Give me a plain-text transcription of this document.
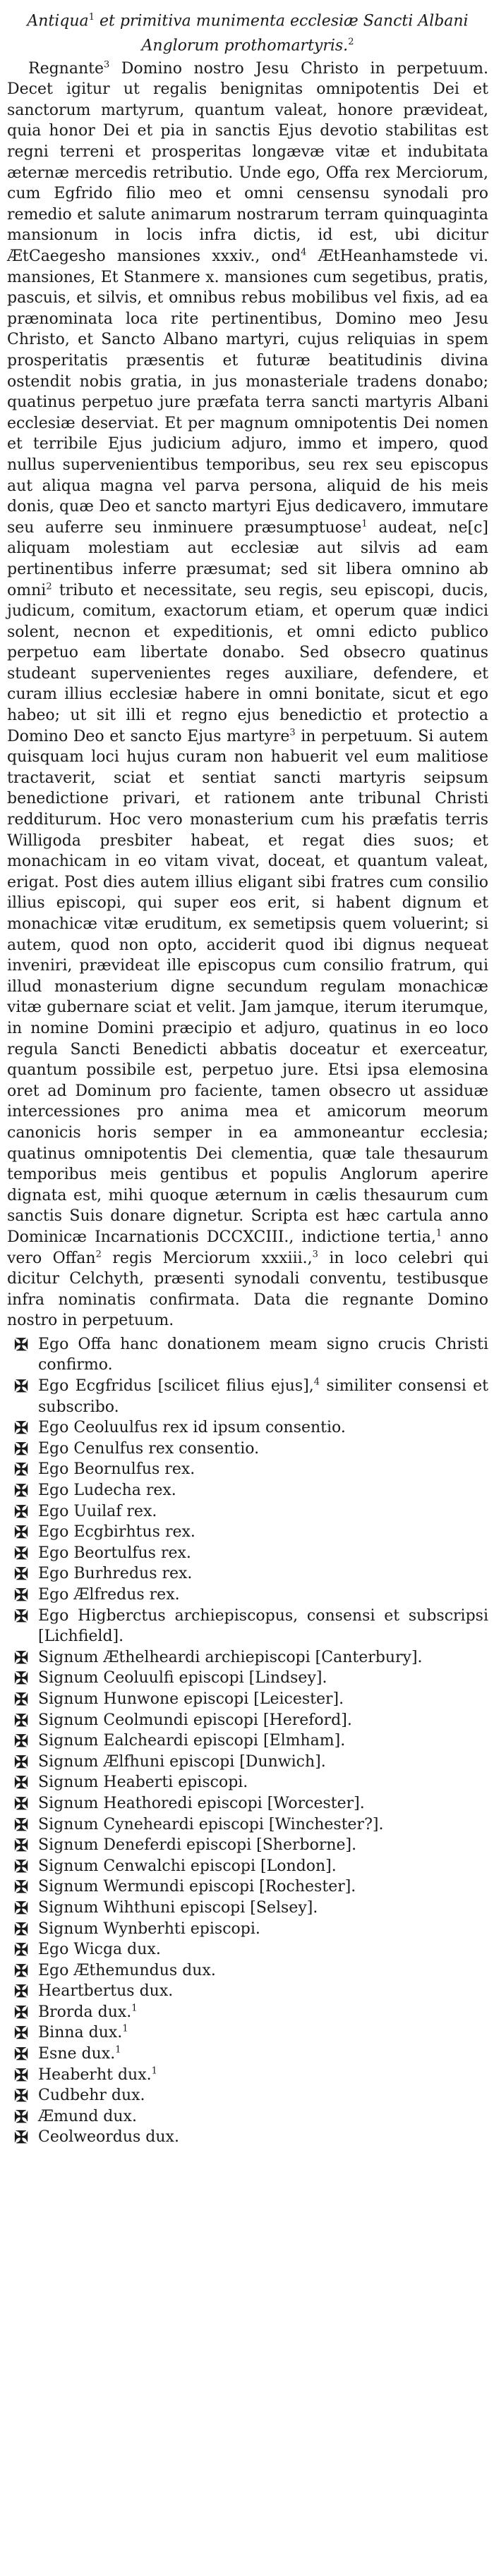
Antiqua$^1$ et primitiva munimenta ecclesiæ Sancti Albani Anglorum prothomartyris.$^2$

Regnante$^3$ Domino nostro Jesu Christo in perpetuum. Decet igitur ut regalis benignitas omnipotentis Dei et sanctorum martyrum, quantum valeat, honore prævideat, quia honor Dei et pia in sanctis Ejus devotio stabilitas est regni terreni et prosperitas longævæ vitæ et indubitata æternæ mercedis retributio. Unde ego, Offa rex Merciorum, cum Egfrido filio meo et omni censensu synodali pro remedio et salute animarum nostrarum terram quinquaginta mansionum in locis infra dictis, id est, ubi dicitur ÆtCaegesho mansiones xxxiv., ond$^4$ ÆtHeanhamstede vi. mansiones, Et Stanmere x. mansiones cum segetibus, pratis, pascuis, et silvis, et omnibus rebus mobilibus vel fixis, ad ea prænominata loca rite pertinentibus, Domino meo Jesu Christo, et Sancto Albano martyri, cujus reliquias in spem prosperitatis præsentis et futuræ beatitudinis divina ostendit nobis gratia, in jus monasteriale tradens donabo; quatinus perpetuo jure præfata terra sancti martyris Albani ecclesiæ deserviat. Et per magnum omnipotentis Dei nomen et terribile Ejus judicium adjuro, immo et impero, quod nullus supervenientibus temporibus, seu rex seu episcopus aut aliqua magna vel parva persona, aliquid de his meis donis, quæ Deo et sancto martyri Ejus dedicavero, immutare seu auferre seu inminuere præsumptuose$^1$ audeat, ne[c] aliquam molestiam aut ecclesiæ aut silvis ad eam pertinentibus inferre præsumat; sed sit libera omnino ab omni$^2$ tributo et necessitate, seu regis, seu episcopi, ducis, judicum, comitum, exactorum etiam, et operum quæ indici solent, necnon et expeditionis, et omni edicto publico perpetuo eam libertate donabo. Sed obsecro quatinus studeant supervenientes reges auxiliare, defendere, et curam illius ecclesiæ habere in omni bonitate, sicut et ego habeo; ut sit illi et regno ejus benedictio et protectio a Domino Deo et sancto Ejus martyre$^3$ in perpetuum. Si autem quisquam loci hujus curam non habuerit vel eum malitiose tractaverit, sciat et sentiat sancti martyris seipsum benedictione privari, et rationem ante tribunal Christi redditurum. Hoc vero monasterium cum his præfatis terris Willigoda presbiter habeat, et regat dies suos; et monachicam in eo vitam vivat, doceat, et quantum valeat, erigat. Post dies autem illius eligant sibi fratres cum consilio illius episcopi, qui super eos erit, si habent dignum et monachicæ vitæ eruditum, ex semetipsis quem voluerint; si autem, quod non opto, acciderit quod ibi dignus nequeat inveniri, prævideat ille episcopus cum consilio fratrum, qui illud monasterium digne secundum regulam monachicæ vitæ gubernare sciat et velit. Jam jamque, iterum iterumque, in nomine Domini præcipio et adjuro, quatinus in eo loco regula Sancti Benedicti abbatis doceatur et exerceatur, quantum possibile est, perpetuo jure. Etsi ipsa elemosina oret ad Dominum pro faciente, tamen obsecro ut assiduæ intercessiones pro anima mea et amicorum meorum canonicis horis semper in ea ammoneantur ecclesia; quatinus omnipotentis Dei clementia, quæ tale thesaurum temporibus meis gentibus et populis Anglorum aperire dignata est, mihi quoque æternum in cælis thesaurum cum sanctis Suis donare dignetur. Scripta est hæc cartula anno Dominicæ Incarnationis DCCXCIII., indictione tertia,$^1$ anno vero Offan$^2$ regis Merciorum xxxiii.,$^3$ in loco celebri qui dicitur Celchyth, præsenti synodali conventu, testibusque infra nominatis confirmata. Data die regnante Domino nostro in perpetuum.

✠ Ego Offa hanc donationem meam signo crucis Christi confirmo.
✠ Ego Ecgfridus [scilicet filius ejus],$^4$ similiter consensi et subscribo.
✠ Ego Ceoluulfus rex id ipsum consentio.
✠ Ego Cenulfus rex consentio.
✠ Ego Beornulfus rex.
✠ Ego Ludecha rex.
✠ Ego Uuilaf rex.
✠ Ego Ecgbirhtus rex.
✠ Ego Beortulfus rex.
✠ Ego Burhredus rex.
✠ Ego Ælfredus rex.
✠ Ego Higberctus archiepiscopus, consensi et subscripsi [Lichfield].
✠ Signum Æthelheardi archiepiscopi [Canterbury].
✠ Signum Ceoluulfi episcopi [Lindsey].
✠ Signum Hunwone episcopi [Leicester].
✠ Signum Ceolmundi episcopi [Hereford].
✠ Signum Ealcheardi episcopi [Elmham].
✠ Signum Ælfhuni episcopi [Dunwich].
✠ Signum Heaberti episcopi.
✠ Signum Heathoredi episcopi [Worcester].
✠ Signum Cyneheardi episcopi [Winchester?].
✠ Signum Deneferdi episcopi [Sherborne].
✠ Signum Cenwalchi episcopi [London].
✠ Signum Wermundi episcopi [Rochester].
✠ Signum Wihthuni episcopi [Selsey].
✠ Signum Wynberhti episcopi.
✠ Ego Wicga dux.
✠ Ego Æthemundus dux.
✠ Heartbertus dux.
✠ Brorda dux.$^1$
✠ Binna dux.$^1$
✠ Esne dux.$^1$
✠ Heaberht dux.$^1$
✠ Cudbehr dux.
✠ Æmund dux.
✠ Ceolweordus dux.
